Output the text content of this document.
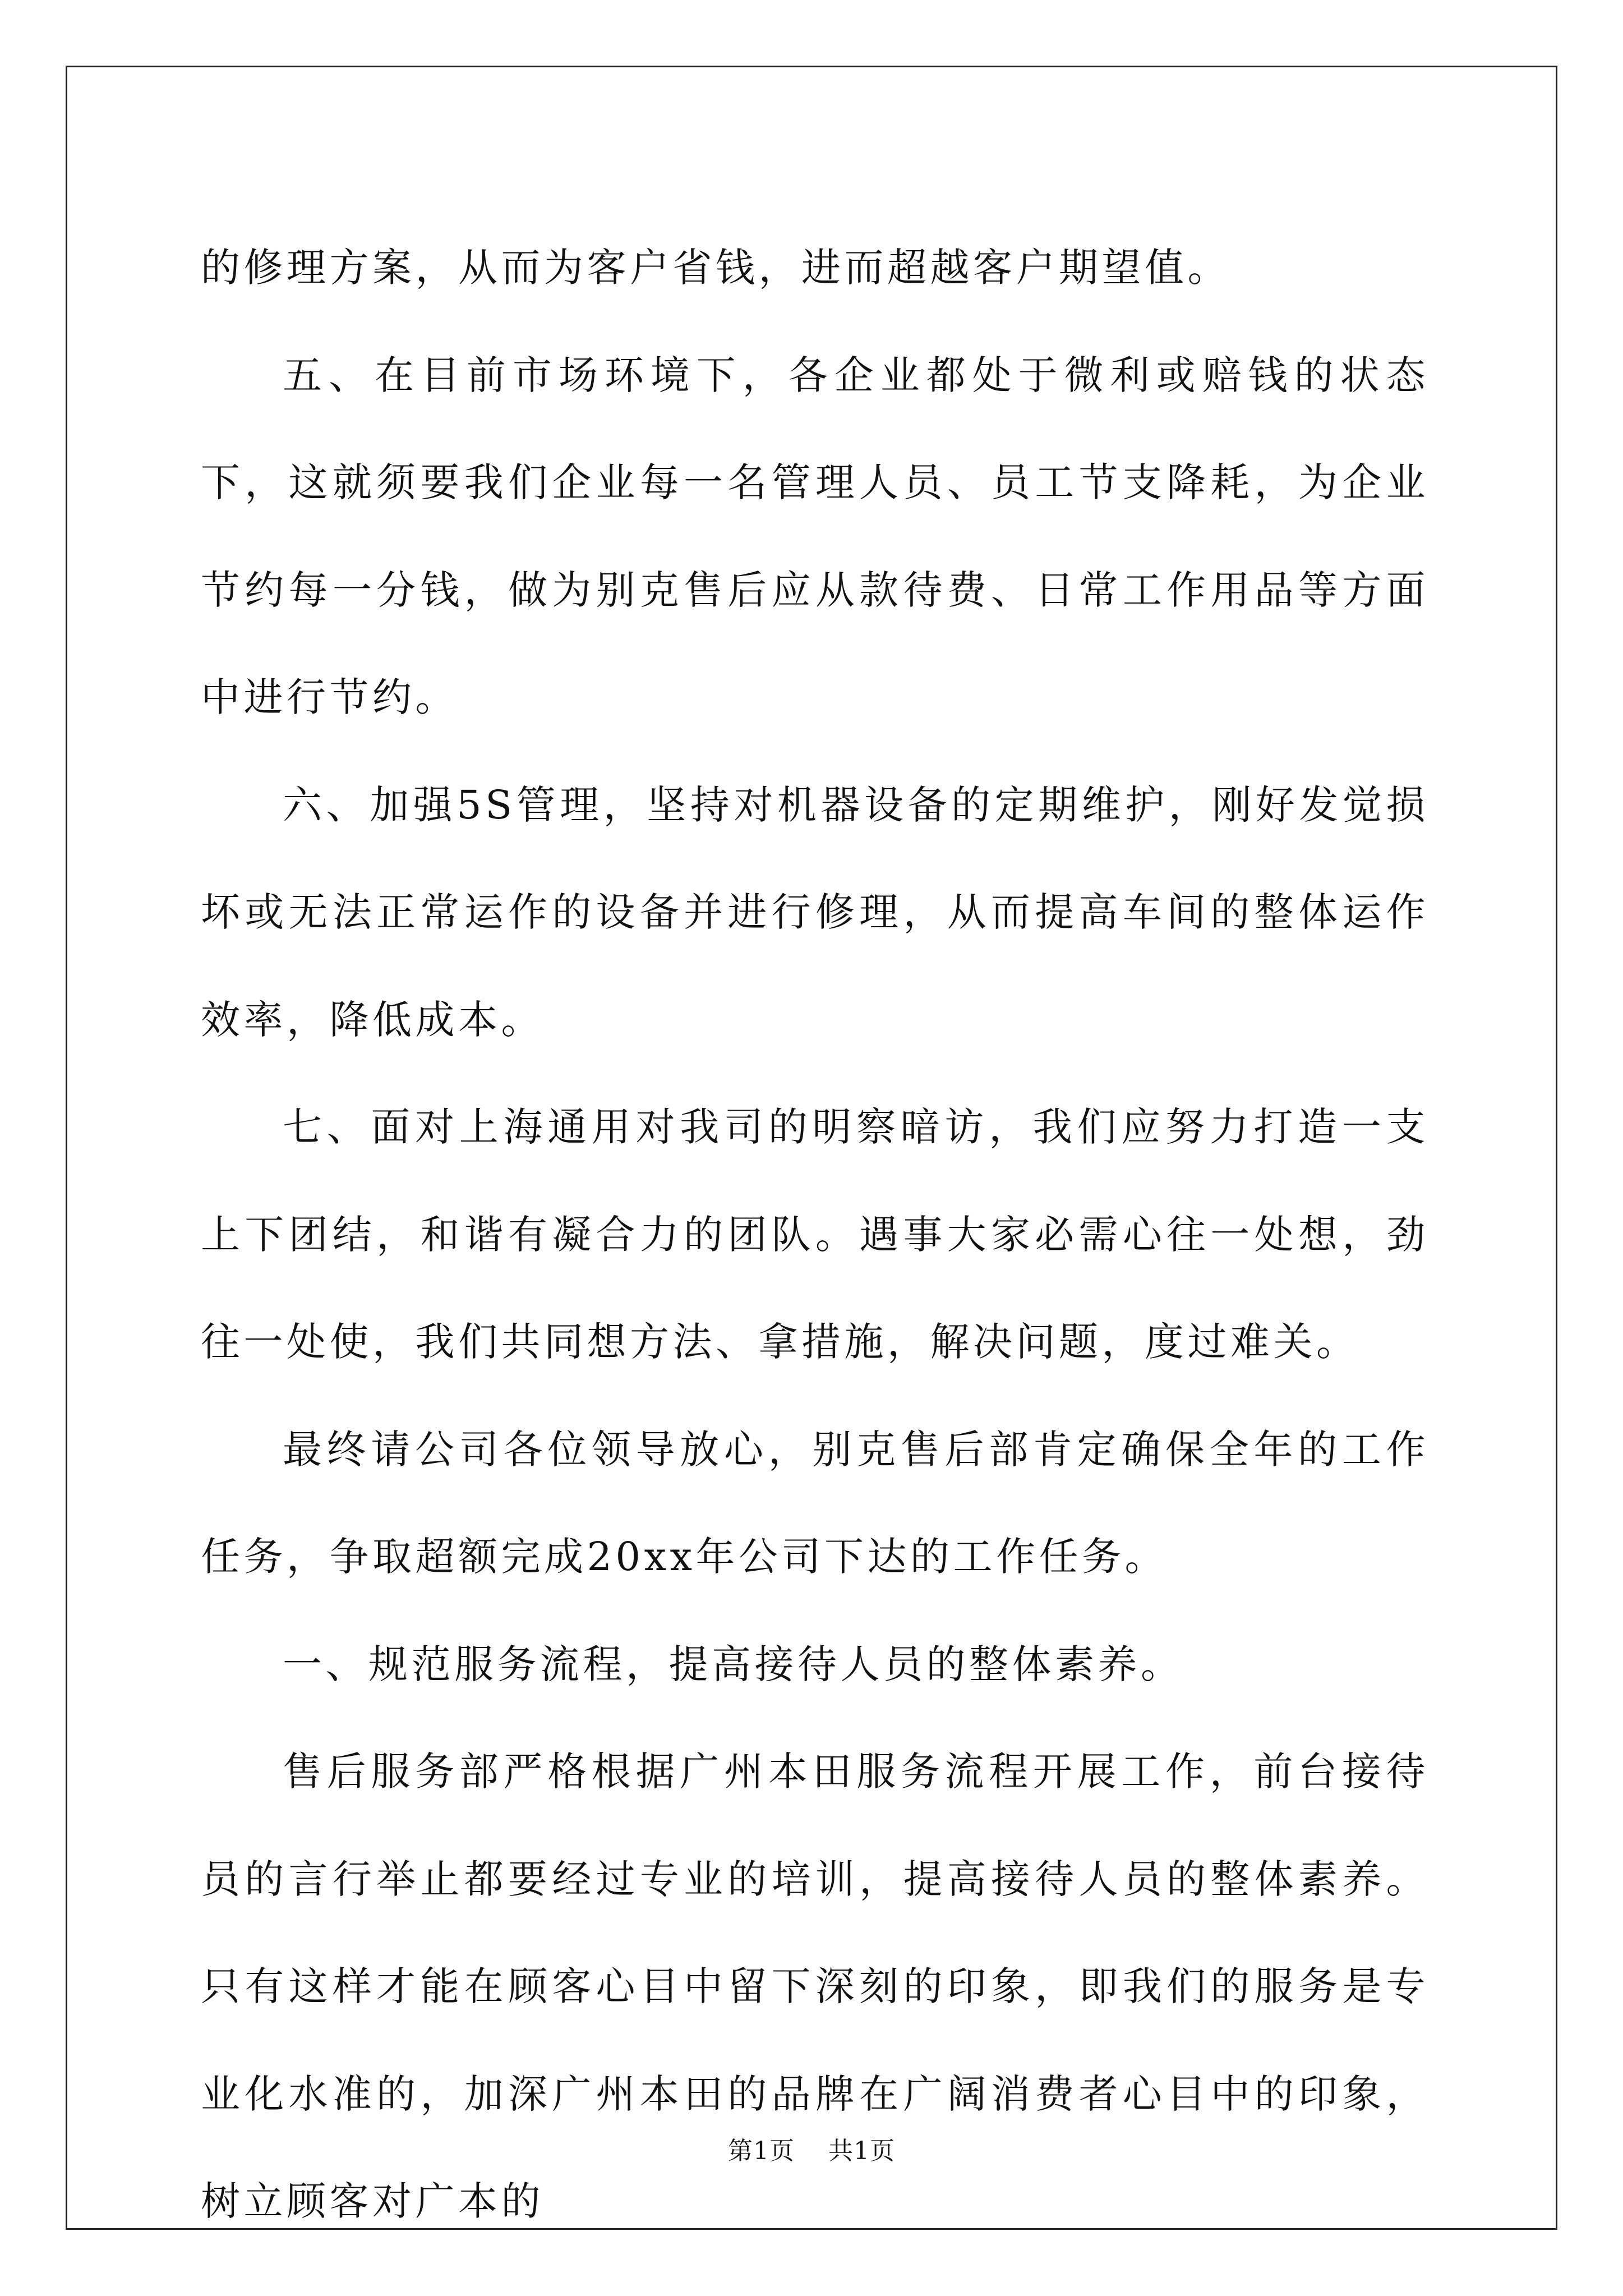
的修理方案，从而为客户省钱，进而超越客户期望值。

五、在目前市场环境下，各企业都处于微利或赔钱的状态下，这就须要我们企业每一名管理人员、员工节支降耗，为企业节约每一分钱，做为别克售后应从款待费、日常工作用品等方面中进行节约。

六、加强5S管理，坚持对机器设备的定期维护，刚好发觉损坏或无法正常运作的设备并进行修理，从而提高车间的整体运作效率，降低成本。

七、面对上海通用对我司的明察暗访，我们应努力打造一支上下团结，和谐有凝合力的团队。遇事大家必需心往一处想，劲往一处使，我们共同想方法、拿措施，解决问题，度过难关。

最终请公司各位领导放心，别克售后部肯定确保全年的工作任务，争取超额完成20xx年公司下达的工作任务。

一、规范服务流程，提高接待人员的整体素养。

售后服务部严格根据广州本田服务流程开展工作，前台接待员的言行举止都要经过专业的培训，提高接待人员的整体素养。只有这样才能在顾客心目中留下深刻的印象，即我们的服务是专业化水准的，加深广州本田的品牌在广阔消费者心目中的印象，树立顾客对广本的

第1页 共1页
